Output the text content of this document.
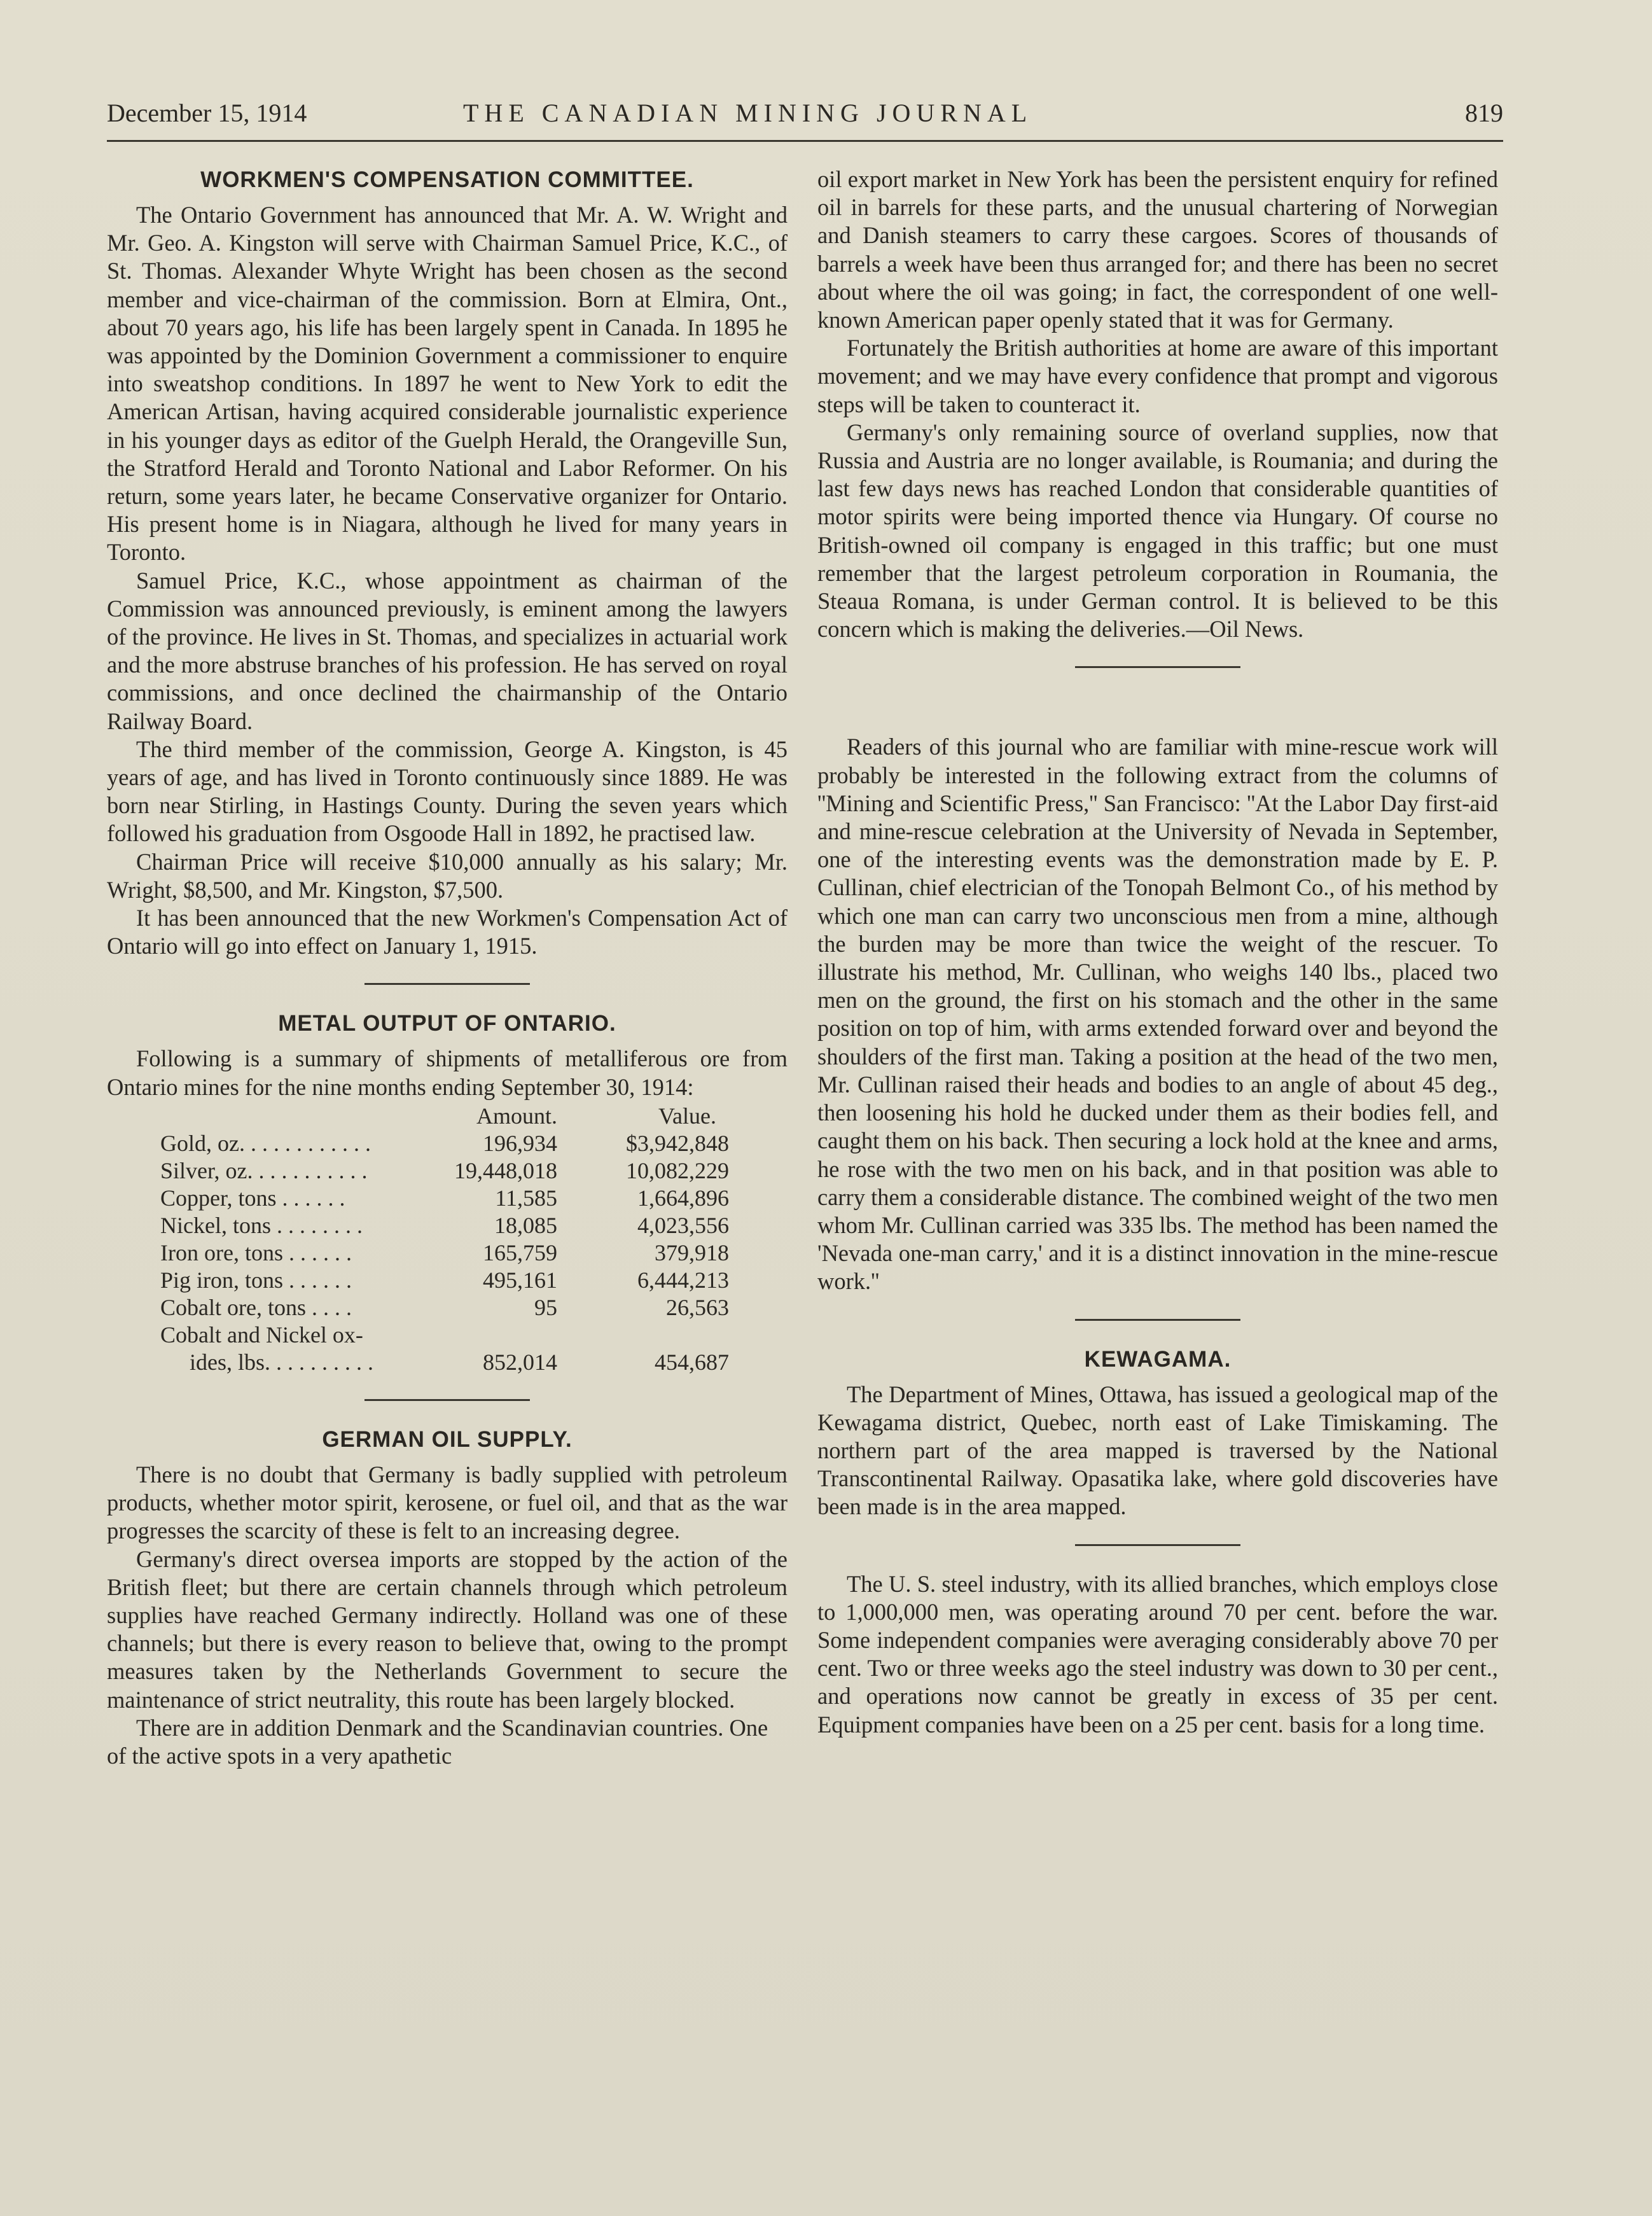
December 15, 1914	THE CANADIAN MINING JOURNAL	819
WORKMEN'S COMPENSATION COMMITTEE.

The Ontario Government has announced that Mr. A. W. Wright and Mr. Geo. A. Kingston will serve with Chairman Samuel Price, K.C., of St. Thomas. Alexander Whyte Wright has been chosen as the second member and vice-chairman of the commission. Born at Elmira, Ont., about 70 years ago, his life has been largely spent in Canada. In 1895 he was appointed by the Dominion Government a commissioner to enquire into sweatshop conditions. In 1897 he went to New York to edit the American Artisan, having acquired considerable journalistic experience in his younger days as editor of the Guelph Herald, the Orangeville Sun, the Stratford Herald and Toronto National and Labor Reformer. On his return, some years later, he became Conservative organizer for Ontario. His present home is in Niagara, although he lived for many years in Toronto.

Samuel Price, K.C., whose appointment as chairman of the Commission was announced previously, is eminent among the lawyers of the province. He lives in St. Thomas, and specializes in actuarial work and the more abstruse branches of his profession. He has served on royal commissions, and once declined the chairmanship of the Ontario Railway Board.

The third member of the commission, George A. Kingston, is 45 years of age, and has lived in Toronto continuously since 1889. He was born near Stirling, in Hastings County. During the seven years which followed his graduation from Osgoode Hall in 1892, he practised law.

Chairman Price will receive $10,000 annually as his salary; Mr. Wright, $8,500, and Mr. Kingston, $7,500.

It has been announced that the new Workmen's Compensation Act of Ontario will go into effect on January 1, 1915.

METAL OUTPUT OF ONTARIO.

Following is a summary of shipments of metalliferous ore from Ontario mines for the nine months ending September 30, 1914:

	Amount.	Value.
Gold, oz. . . . . . . . . . . .	196,934	$3,942,848
Silver, oz. . . . . . . . . . .	19,448,018	10,082,229
Copper, tons . . . . . .	11,585	1,664,896
Nickel, tons . . . . . . . .	18,085	4,023,556
Iron ore, tons . . . . . .	165,759	379,918
Pig iron, tons . . . . . .	495,161	6,444,213
Cobalt ore, tons . . . .	95	26,563
Cobalt and Nickel ox-		
ides, lbs. . . . . . . . . .	852,014	454,687
GERMAN OIL SUPPLY.

There is no doubt that Germany is badly supplied with petroleum products, whether motor spirit, kerosene, or fuel oil, and that as the war progresses the scarcity of these is felt to an increasing degree.

Germany's direct oversea imports are stopped by the action of the British fleet; but there are certain channels through which petroleum supplies have reached Germany indirectly. Holland was one of these channels; but there is every reason to believe that, owing to the prompt measures taken by the Netherlands Government to secure the maintenance of strict neutrality, this route has been largely blocked.

There are in addition Denmark and the Scandinavian countries. One of the active spots in a very apathetic

oil export market in New York has been the persistent enquiry for refined oil in barrels for these parts, and the unusual chartering of Norwegian and Danish steamers to carry these cargoes. Scores of thousands of barrels a week have been thus arranged for; and there has been no secret about where the oil was going; in fact, the correspondent of one well-known American paper openly stated that it was for Germany.

Fortunately the British authorities at home are aware of this important movement; and we may have every confidence that prompt and vigorous steps will be taken to counteract it.

Germany's only remaining source of overland supplies, now that Russia and Austria are no longer available, is Roumania; and during the last few days news has reached London that considerable quantities of motor spirits were being imported thence via Hungary. Of course no British-owned oil company is engaged in this traffic; but one must remember that the largest petroleum corporation in Roumania, the Steaua Romana, is under German control. It is believed to be this concern which is making the deliveries.—Oil News.

Readers of this journal who are familiar with mine-rescue work will probably be interested in the following extract from the columns of ''Mining and Scientific Press,'' San Francisco: ''At the Labor Day first-aid and mine-rescue celebration at the University of Nevada in September, one of the interesting events was the demonstration made by E. P. Cullinan, chief electrician of the Tonopah Belmont Co., of his method by which one man can carry two unconscious men from a mine, although the burden may be more than twice the weight of the rescuer. To illustrate his method, Mr. Cullinan, who weighs 140 lbs., placed two men on the ground, the first on his stomach and the other in the same position on top of him, with arms extended forward over and beyond the shoulders of the first man. Taking a position at the head of the two men, Mr. Cullinan raised their heads and bodies to an angle of about 45 deg., then loosening his hold he ducked under them as their bodies fell, and caught them on his back. Then securing a lock hold at the knee and arms, he rose with the two men on his back, and in that position was able to carry them a considerable distance. The combined weight of the two men whom Mr. Cullinan carried was 335 lbs. The method has been named the 'Nevada one-man carry,' and it is a distinct innovation in the mine-rescue work.''

KEWAGAMA.

The Department of Mines, Ottawa, has issued a geological map of the Kewagama district, Quebec, north east of Lake Timiskaming. The northern part of the area mapped is traversed by the National Transcontinental Railway. Opasatika lake, where gold discoveries have been made is in the area mapped.

The U. S. steel industry, with its allied branches, which employs close to 1,000,000 men, was operating around 70 per cent. before the war. Some independent companies were averaging considerably above 70 per cent. Two or three weeks ago the steel industry was down to 30 per cent., and operations now cannot be greatly in excess of 35 per cent. Equipment companies have been on a 25 per cent. basis for a long time.
